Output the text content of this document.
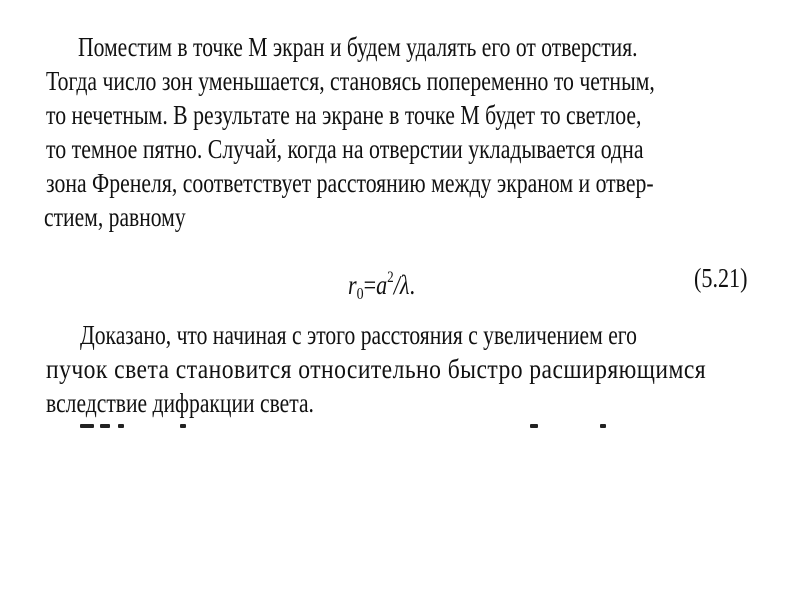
Поместим в точке M экран и будем удалять его от отверстия.
Тогда число зон уменьшается, становясь попеременно то четным,
то нечетным. В результате на экране в точке M будет то светлое,
то темное пятно. Случай, когда на отверстии укладывается одна
зона Френеля, соответствует расстоянию между экраном и отвер-
стием, равному
$r_0=a^2/\lambda$.	(5.21)
Доказано, что начиная с этого расстояния с увеличением его
пучок света становится относительно быстро расширяющимся
вследствие дифракции света.
